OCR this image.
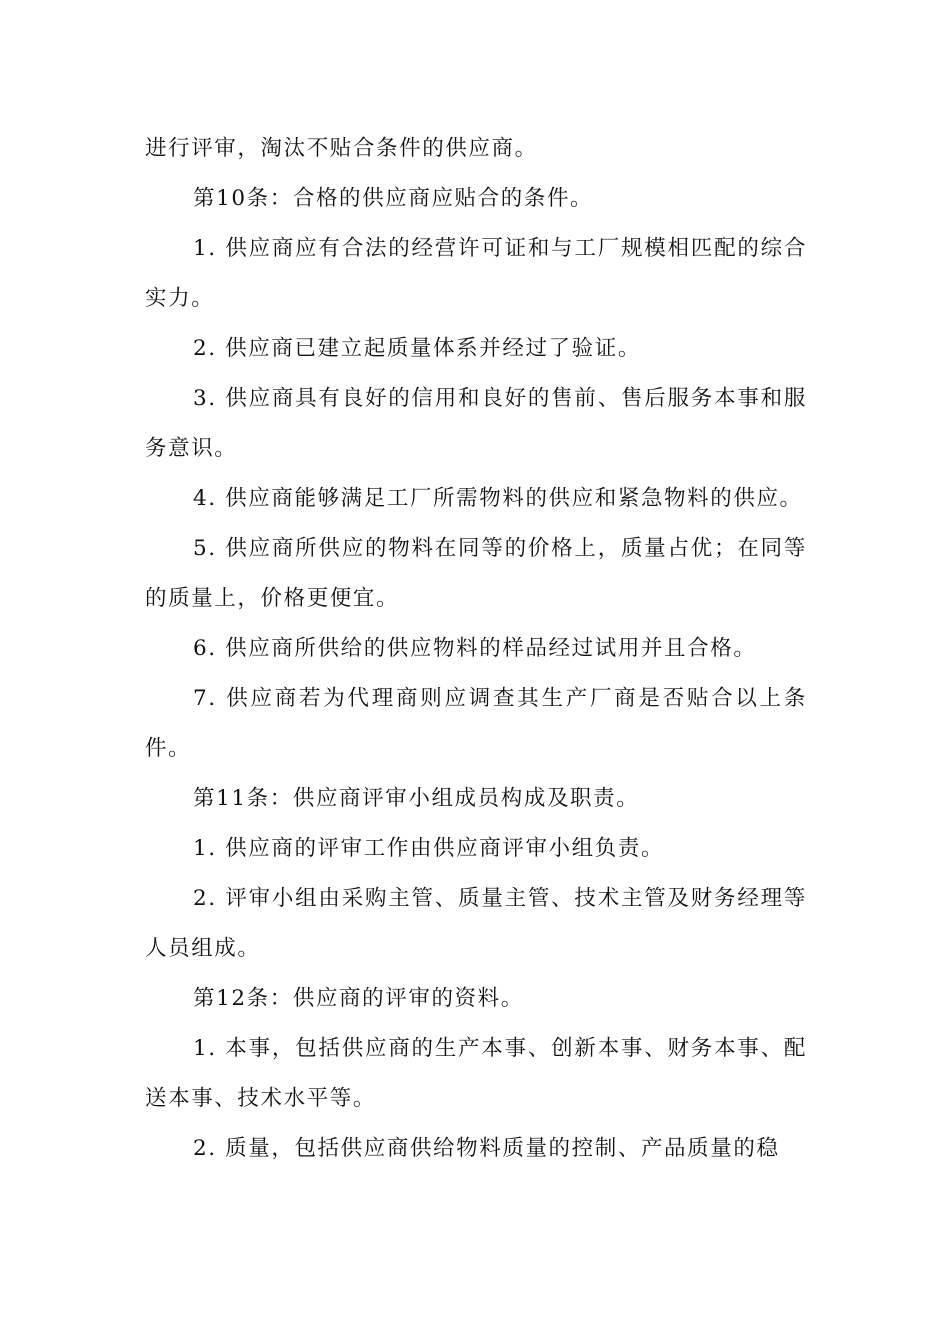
进行评审，淘汰不贴合条件的供应商。

第10条：合格的供应商应贴合的条件。

1. 供应商应有合法的经营许可证和与工厂规模相匹配的综合实力。

2. 供应商已建立起质量体系并经过了验证。

3. 供应商具有良好的信用和良好的售前、售后服务本事和服务意识。

4. 供应商能够满足工厂所需物料的供应和紧急物料的供应。

5. 供应商所供应的物料在同等的价格上，质量占优；在同等的质量上，价格更便宜。

6. 供应商所供给的供应物料的样品经过试用并且合格。

7. 供应商若为代理商则应调查其生产厂商是否贴合以上条件。

第11条：供应商评审小组成员构成及职责。

1. 供应商的评审工作由供应商评审小组负责。

2. 评审小组由采购主管、质量主管、技术主管及财务经理等人员组成。

第12条：供应商的评审的资料。

1. 本事，包括供应商的生产本事、创新本事、财务本事、配送本事、技术水平等。

2. 质量，包括供应商供给物料质量的控制、产品质量的稳
